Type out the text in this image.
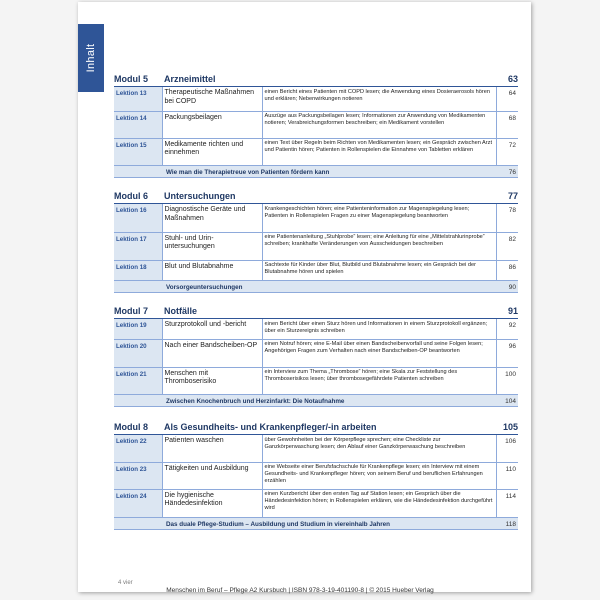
Inhalt
Modul 5	Arzneimittel	63
Lektion 13	Therapeutische Maßnahmen bei COPD	einen Bericht eines Patienten mit COPD lesen; die Anwendung eines Dosieraerosols hören und erklären; Nebenwirkungen notieren	64
Lektion 14	Packungsbeilagen	Auszüge aus Packungsbeilagen lesen; Informationen zur Anwendung von Medikamenten notieren; Verabreichungsformen beschreiben; ein Medikament vorstellen	68
Lektion 15	Medikamente richten und einnehmen	einen Text über Regeln beim Richten von Medikamenten lesen; ein Gespräch zwischen Arzt und Patientin hören; Patienten in Rollenspielen die Einnahme von Tabletten erklären	72
Wie man die Therapietreue von Patienten fördern kann			76
Modul 6	Untersuchungen	77
Lektion 16	Diagnostische Geräte und Maßnahmen	Krankengeschichten hören; eine Patienteninformation zur Magenspiegelung lesen; Patienten in Rollenspielen Fragen zu einer Magenspiegelung beantworten	78
Lektion 17	Stuhl- und Urin-untersuchungen	eine Patientenanleitung „Stuhlprobe“ lesen; eine Anleitung für eine „Mittelstrahlurinprobe“ schreiben; krankhafte Veränderungen von Ausscheidungen beschreiben	82
Lektion 18	Blut und Blutabnahme	Sachtexte für Kinder über Blut, Blutbild und Blutabnahme lesen; ein Gespräch bei der Blutabnahme hören und spielen	86
Vorsorgeuntersuchungen			90
Modul 7	Notfälle	91
Lektion 19	Sturzprotokoll und -bericht	einen Bericht über einen Sturz hören und Informationen in einem Sturzprotokoll ergänzen; über ein Sturzereignis schreiben	92
Lektion 20	Nach einer Bandscheiben-OP	einen Notruf hören; eine E-Mail über einen Bandscheibenvorfall und seine Folgen lesen; Angehörigen Fragen zum Verhalten nach einer Bandscheiben-OP beantworten	96
Lektion 21	Menschen mit Thromboserisiko	ein Interview zum Thema „Thrombose“ hören; eine Skala zur Feststellung des Thromboserisikos lesen; über thrombosegefährdete Patienten schreiben	100
Zwischen Knochenbruch und Herzinfarkt: Die Notaufnahme			104
Modul 8	Als Gesundheits- und Krankenpfleger/-in arbeiten	105
Lektion 22	Patienten waschen	über Gewohnheiten bei der Körperpflege sprechen; eine Checkliste zur Ganzkörperwaschung lesen; den Ablauf einer Ganzkörperwaschung beschreiben	106
Lektion 23	Tätigkeiten und Ausbildung	eine Webseite einer Berufsfachschule für Krankenpflege lesen; ein Interview mit einem Gesundheits- und Krankenpfleger hören; von seinem Beruf und beruflichen Erfahrungen erzählen	110
Lektion 24	Die hygienische Händedesinfektion	einen Kurzbericht über den ersten Tag auf Station lesen; ein Gespräch über die Händedesinfektion hören; in Rollenspielen erklären, wie die Händedesinfektion durchgeführt wird	114
Das duale Pflege-Studium – Ausbildung und Studium in viereinhalb Jahren			118
4 vier
Menschen im Beruf – Pflege A2 Kursbuch | ISBN 978-3-19-401190-8 | © 2015 Hueber Verlag
